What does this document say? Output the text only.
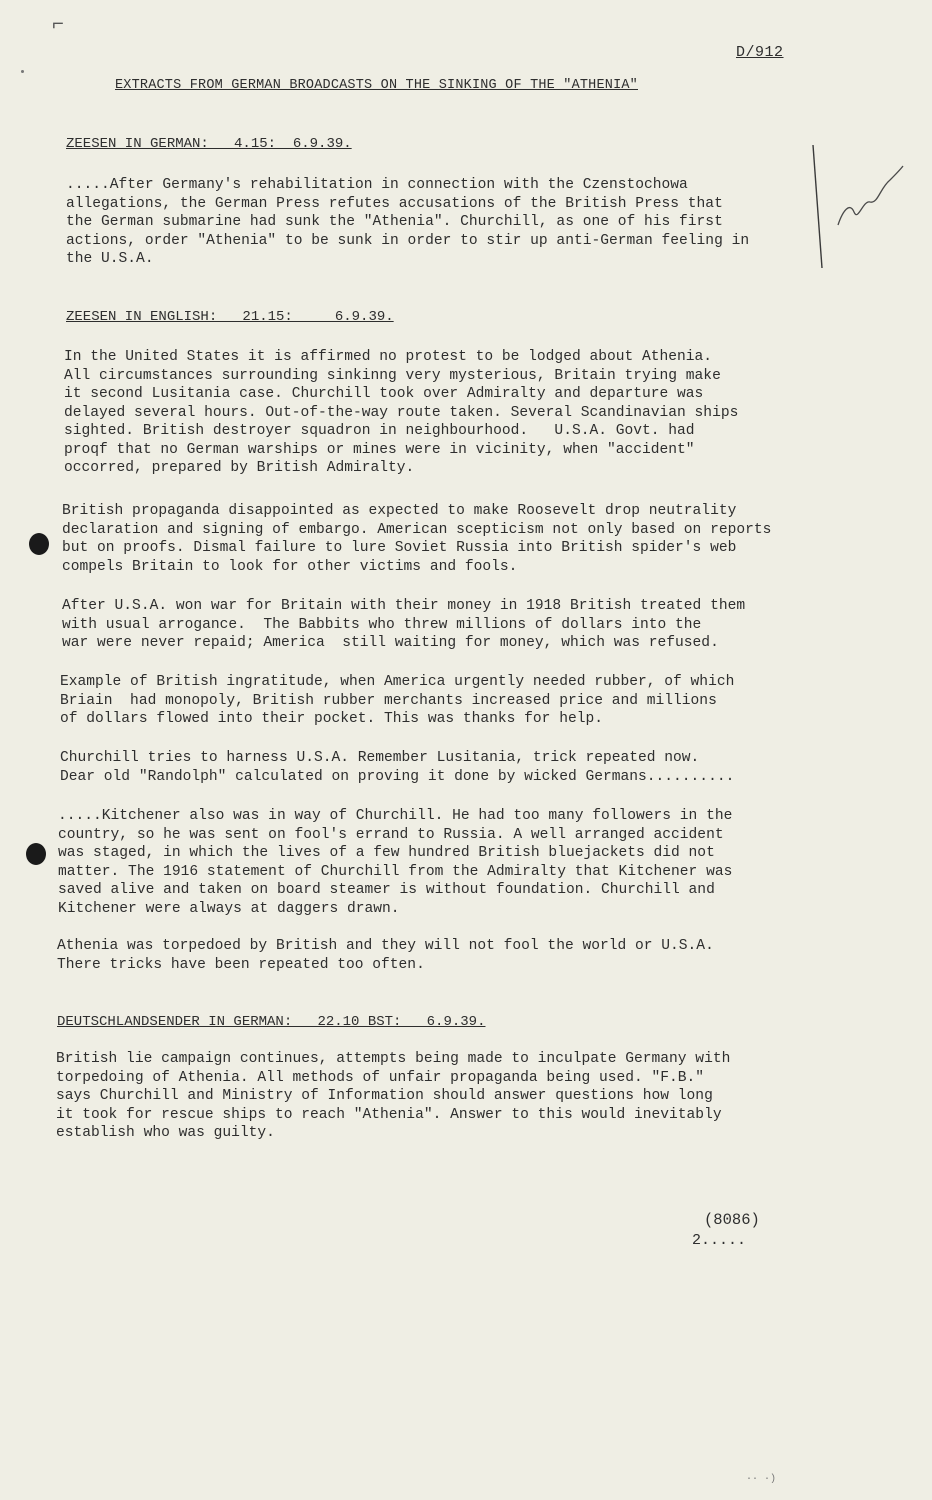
⌐
D/912
EXTRACTS FROM GERMAN BROADCASTS ON THE SINKING OF THE "ATHENIA"
ZEESEN IN GERMAN:   4.15:  6.9.39.
.....After Germany's rehabilitation in connection with the Czenstochowa
allegations, the German Press refutes accusations of the British Press that
the German submarine had sunk the "Athenia". Churchill, as one of his first
actions, order "Athenia" to be sunk in order to stir up anti-German feeling in
the U.S.A.
ZEESEN IN ENGLISH:   21.15:     6.9.39.
In the United States it is affirmed no protest to be lodged about Athenia.
All circumstances surrounding sinkinng very mysterious, Britain trying make
it second Lusitania case. Churchill took over Admiralty and departure was
delayed several hours. Out-of-the-way route taken. Several Scandinavian ships
sighted. British destroyer squadron in neighbourhood.   U.S.A. Govt. had
proqf that no German warships or mines were in vicinity, when "accident"
occorred, prepared by British Admiralty.
British propaganda disappointed as expected to make Roosevelt drop neutrality
declaration and signing of embargo. American scepticism not only based on reports
but on proofs. Dismal failure to lure Soviet Russia into British spider's web
compels Britain to look for other victims and fools.
After U.S.A. won war for Britain with their money in 1918 British treated them
with usual arrogance.  The Babbits who threw millions of dollars into the
war were never repaid; America  still waiting for money, which was refused.
Example of British ingratitude, when America urgently needed rubber, of which
Briain  had monopoly, British rubber merchants increased price and millions
of dollars flowed into their pocket. This was thanks for help.
Churchill tries to harness U.S.A. Remember Lusitania, trick repeated now.
Dear old "Randolph" calculated on proving it done by wicked Germans..........
.....Kitchener also was in way of Churchill. He had too many followers in the
country, so he was sent on fool's errand to Russia. A well arranged accident
was staged, in which the lives of a few hundred British bluejackets did not
matter. The 1916 statement of Churchill from the Admiralty that Kitchener was
saved alive and taken on board steamer is without foundation. Churchill and
Kitchener were always at daggers drawn.
Athenia was torpedoed by British and they will not fool the world or U.S.A.
There tricks have been repeated too often.
DEUTSCHLANDSENDER IN GERMAN:   22.10 BST:   6.9.39.
British lie campaign continues, attempts being made to inculpate Germany with
torpedoing of Athenia. All methods of unfair propaganda being used. "F.B."
says Churchill and Ministry of Information should answer questions how long
it took for rescue ships to reach "Athenia". Answer to this would inevitably
establish who was guilty.
(8086)
2.....
·· ·)
